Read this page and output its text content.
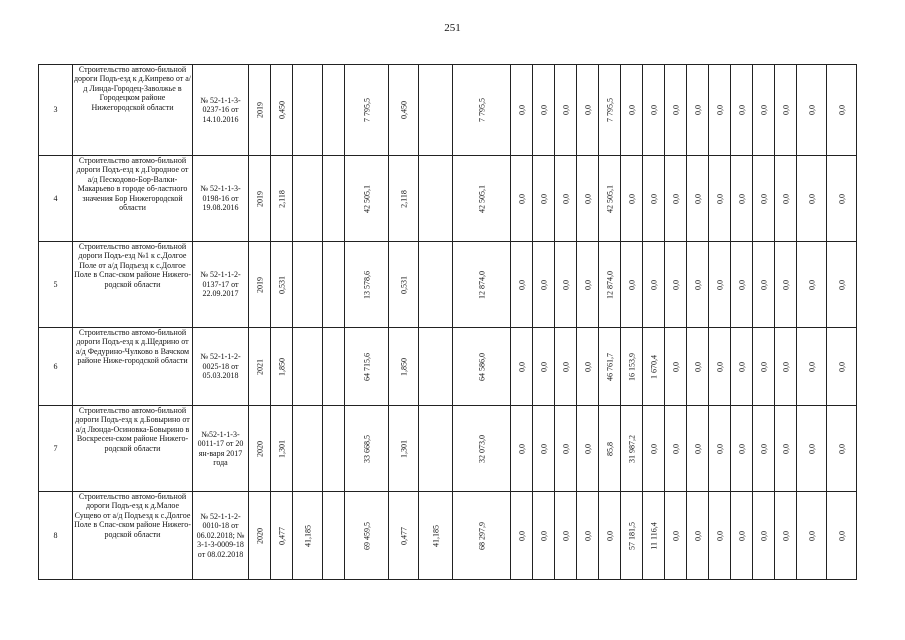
251
3	Строительство автомо-бильной дороги Подъ-езд к д.Кипрево от а/д Линда-Городец-Заволжье в Городецком районе Нижегородской области	№ 52-1-1-3-0237-16 от 14.10.2016	2019	0,450			7 795,5	0,450		7 795,5	0,0	0,0	0,0	0,0	7 795,5	0,0	0,0	0,0	0,0	0,0	0,0	0,0	0,0	0,0	0,0

4	Строительство автомо-бильной дороги Подъ-езд к д.Городное от а/д Пескодово-Бор-Валки-Макарьево в городе об-ластного значения Бор Нижегородской области	№ 52-1-1-3-0198-16 от 19.08.2016	2019	2,118			42 505,1	2,118		42 505,1	0,0	0,0	0,0	0,0	42 505,1	0,0	0,0	0,0	0,0	0,0	0,0	0,0	0,0	0,0	0,0

5	Строительство автомо-бильной дороги Подъ-езд №1 к с.Долгое Поле от а/д Подъезд к с.Долгое Поле в Спас-ском районе Нижего-родской области	№ 52-1-1-2-0137-17 от 22.09.2017	2019	0,531			13 578,6	0,531		12 874,0	0,0	0,0	0,0	0,0	12 874,0	0,0	0,0	0,0	0,0	0,0	0,0	0,0	0,0	0,0	0,0

6	Строительство автомо-бильной дороги Подъ-езд к д.Щедрино от а/д Федурино-Чулково в Вачском районе Ниже-городской области	№ 52-1-1-2-0025-18 от 05.03.2018	2021	1,850			64 715,6	1,850		64 586,0	0,0	0,0	0,0	0,0	46 761,7	16 153,9	1 670,4	0,0	0,0	0,0	0,0	0,0	0,0	0,0	0,0

7	Строительство автомо-бильной дороги Подъ-езд к д.Бовырино от а/д Люнда-Осиновка-Бовырино в Воскресен-ском районе Нижего-родской области	№52-1-1-3-0011-17 от 20 ян-варя 2017 года	2020	1,301			33 668,5	1,301		32 073,0	0,0	0,0	0,0	0,0	85,8	31 987,2	0,0	0,0	0,0	0,0	0,0	0,0	0,0	0,0	0,0

8	Строительство автомо-бильной дороги Подъ-езд к д.Малое Сущево от а/д Подъезд к с.Долгое Поле в Спас-ском районе Нижего-родской области	№ 52-1-1-2-0010-18 от 06.02.2018; № 3-1-3-0009-18 от 08.02.2018	2020	0,477	41,185		69 459,5	0,477	41,185	68 297,9	0,0	0,0	0,0	0,0	0,0	57 181,5	11 116,4	0,0	0,0	0,0	0,0	0,0	0,0	0,0	0,0
